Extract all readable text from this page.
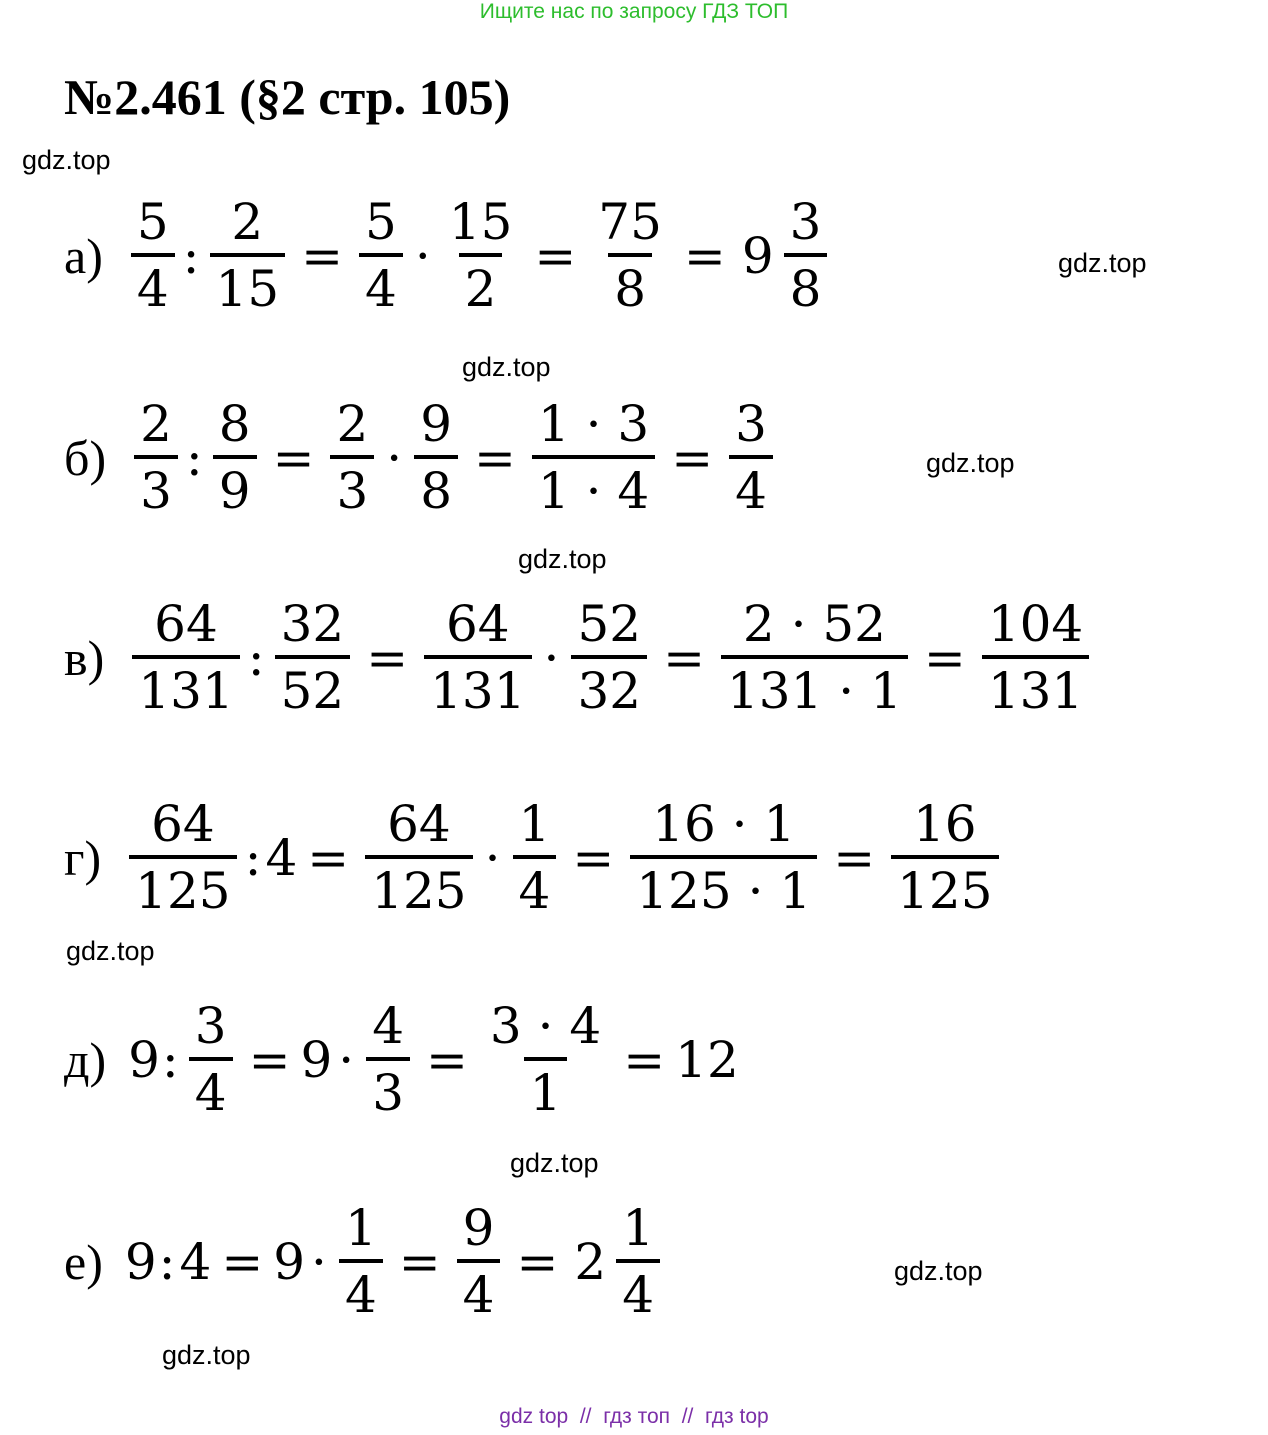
Ищите нас по запросу ГДЗ ТОП
№2.461 (§2 стр. 105)
gdz.top
gdz.top
gdz.top
gdz.top
gdz.top
gdz.top
gdz.top
gdz.top
gdz.top
$а) \frac{5}{4}$ : $\frac{2}{15} = \frac{5}{4} \cdot \frac{15}{2} = \frac{75}{8} = 9 \frac{3}{8}$
$б) \frac{2}{3}$ : $\frac{8}{9} = \frac{2}{3} \cdot \frac{9}{8} = \frac{1 \cdot 3}{1 \cdot 4} = \frac{3}{4}$
$в) \frac{64}{131}$ : $\frac{32}{52} = \frac{64}{131} \cdot \frac{52}{32} = \frac{2 \cdot 52}{131 \cdot 1} = \frac{104}{131}$
$г) \frac{64}{125}$ : $4 = \frac{64}{125} \cdot \frac{1}{4} = \frac{16 \cdot 1}{125 \cdot 1} = \frac{16}{125}$
д) 9 : $\frac{3}{4} = 9 \cdot \frac{4}{3} = \frac{3 \cdot 4}{1} = 12$
е) 9 : $4 = 9 \cdot \frac{1}{4} = \frac{9}{4} = 2 \frac{1}{4}$
gdz top  //  гдз топ  //  гдз top
